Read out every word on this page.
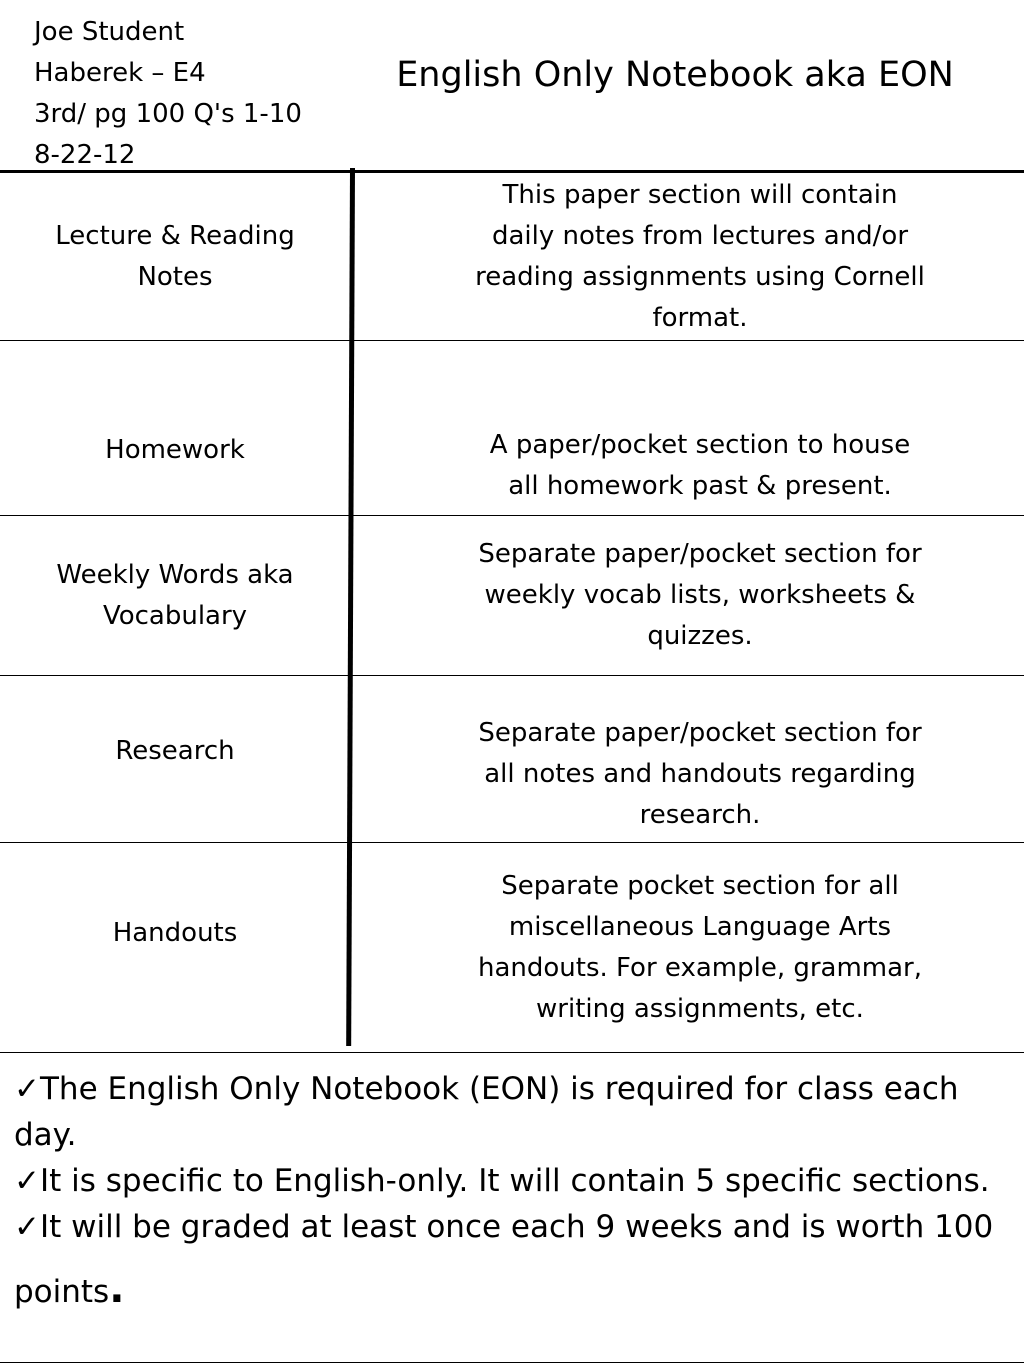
Joe Student
Haberek – E4
3rd/ pg 100 Q's 1-10
8-22-12
English Only Notebook aka EON
Lecture & Reading
Notes
This paper section will contain
daily notes from lectures and/or
reading assignments using Cornell
format.
Homework	A paper/pocket section to house
all homework past & present.
Weekly Words aka
Vocabulary
Separate paper/pocket section for
weekly vocab lists, worksheets &
quizzes.
Research
Separate paper/pocket section for
all notes and handouts regarding
research.
Handouts
Separate pocket section for all
miscellaneous Language Arts
handouts. For example, grammar,
writing assignments, etc.
✓The English Only Notebook (EON) is required for class each day.
✓It is specific to English-only. It will contain 5 specific sections.
✓It will be graded at least once each 9 weeks and is worth 100
points.
